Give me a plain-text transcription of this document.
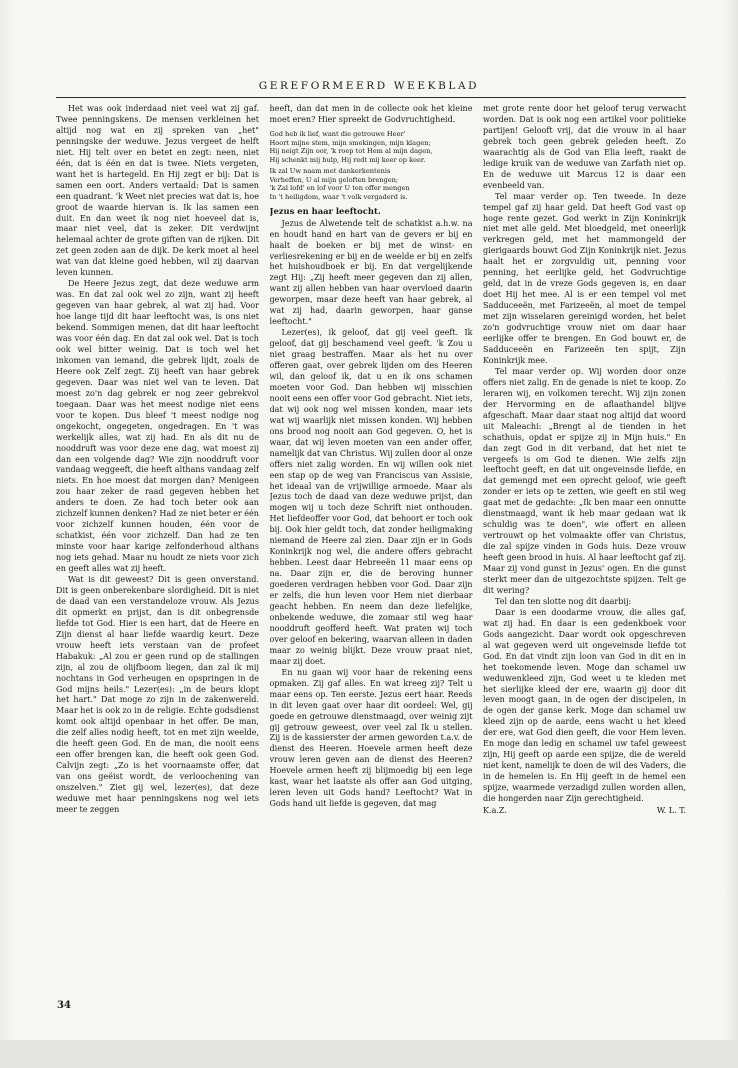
GEREFORMEERD WEEKBLAD

Het was ook inderdaad niet veel wat zij gaf. Twee penningskens. De mensen verkleinen het altijd nog wat en zij spreken van „het" penningske der weduwe. Jezus vergeet de helft niet. Hij telt over en betet en zegt: neen, niet één, dat is één en dat is twee. Niets vergeten, want het is hartegeld. En Hij zegt er bij: Dat is samen een oort. Anders vertaald: Dat is samen een quadrant. 'k Weet niet precies wat dat is, hoe groot de waarde hiervan is. Ik las samen een duit. En dan weet ik nog niet hoeveel dat is, maar niet veel, dat is zeker. Dit verdwijnt helemaal achter de grote giften van de rijken. Dit zet geen zoden aan de dijk. De kerk moet al heel wat van dat kleine goed hebben, wil zij daarvan leven kunnen.

De Heere Jezus zegt, dat deze weduwe arm was. En dat zal ook wel zo zijn, want zij heeft gegeven van haar gebrek, al wat zij had. Voor hoe lange tijd dit haar leeftocht was, is ons niet bekend. Sommigen menen, dat dit haar leeftocht was voor één dag. En dat zal ook wel. Dat is toch ook wel bitter weinig. Dat is toch wel het inkomen van iemand, die gebrek lijdt, zoals de Heere ook Zelf zegt. Zij heeft van haar gebrek gegeven. Daar was niet wel van te leven. Dat moest zo'n dag gebrek er nog zeer gebrekvol toegaan. Daar was het meest nodige niet eens voor te kopen. Dus bleef 't meest nodige nog ongekocht, ongegeten, ongedragen. En 't was werkelijk alles, wat zij had. En als dit nu de nooddruft was voor deze ene dag, wat moest zij dan een volgende dag? Wie zijn nooddruft voor vandaag weggeeft, die heeft althans vandaag zelf niets. En hoe moest dat morgen dan? Menigeen zou haar zeker de raad gegeven hebben het anders te doen. Ze had toch beter ook aan zichzelf kunnen denken? Had ze niet beter er één voor zichzelf kunnen houden, één voor de schatkist, één voor zichzelf. Dan had ze ten minste voor haar karige zelfonderhoud althans nog iets gehad. Maar nu houdt ze niets voor zich en geeft alles wat zij heeft.

Wat is dit geweest? Dit is geen onverstand. Dit is geen onberekenbare slordigheid. Dit is niet de daad van een verstandeloze vrouw. Als Jezus dit opmerkt en prijst, dan is dit onbegrensde liefde tot God. Hier is een hart, dat de Heere en Zijn dienst al haar liefde waardig keurt. Deze vrouw heeft iets verstaan van de profeet Habakuk: „Al zou er geen rund op de stallingen zijn, al zou de olijfboom liegen, dan zal ik mij nochtans in God verheugen en opspringen in de God mijns heils." Lezer(es): „in de beurs klopt het hart." Dat moge zo zijn in de zakenwereld. Maar het is ook zo in de religie. Echte godsdienst komt ook altijd openbaar in het offer. De man, die zelf alles nodig heeft, tot en met zijn weelde, die heeft geen God. En de man, die nooit eens een offer brengen kan, die heeft ook geen God. Calvijn zegt: „Zo is het voornaamste offer, dat van ons geëist wordt, de verloochening van onszelven." Ziet gij wel, lezer(es), dat deze weduwe met haar penningskens nog wel iets meer te zeggen

heeft, dan dat men in de collecte ook het kleine moet eren? Hier spreekt de Godvruchtigheid.

God heb ik lief, want die getrouwe Heer'
Hoort mijne stem, mijn smekingen, mijn klagen;
Hij neigt Zijn oor, 'k roep tot Hem al mijn dagen,
Hij schenkt mij hulp, Hij redt mij keer op keer.
Ik zal Uw naam met dankerkentenis
Verheffen, U al mijn geloften brengen;
'k Zal lofd' en lof voor U ten offer mengen
In 't heiligdom, waar 't volk vergaderd is.
Jezus en haar leeftocht.

Jezus de Alwetende telt de schatkist a.h.w. na en houdt hand en hart van de gevers er bij en haalt de boeken er bij met de winst- en verliesrekening er bij en de weelde er bij en zelfs het huishoudboek er bij. En dat vergelijkende zegt Hij: „Zij heeft meer gegeven dan zij allen, want zij allen hebben van haar overvloed daarin geworpen, maar deze heeft van haar gebrek, al wat zij had, daarin geworpen, haar ganse leeftocht."

Lezer(es), ik geloof, dat gij veel geeft. Ik geloof, dat gij beschamend veel geeft. 'k Zou u niet graag bestraffen. Maar als het nu over offeren gaat, over gebrek lijden om des Heeren wil, dan geloof ik, dat u en ik ons schamen moeten voor God. Dan hebben wij misschien nooit eens een offer voor God gebracht. Niet iets, dat wij ook nog wel missen konden, maar iets wat wij waarlijk niet missen konden. Wij hebben ons brood nog nooit aan God gegeven. O, het is waar, dat wij leven moeten van een ander offer, namelijk dat van Christus. Wij zullen door al onze offers niet zalig worden. En wij willen ook niet een stap op de weg van Franciscus van Assisie, het ideaal van de vrijwillige armoede. Maar als Jezus toch de daad van deze weduwe prijst, dan mogen wij u toch deze Schrift niet onthouden. Het liefdeoffer voor God, dat behoort er toch ook bij. Ook hier geldt toch, dat zonder heiligmaking niemand de Heere zal zien. Daar zijn er in Gods Koninkrijk nog wel, die andere offers gebracht hebben. Leest daar Hebreeën 11 maar eens op na. Daar zijn er, die de beroving hunner goederen verdragen hebben voor God. Daar zijn er zelfs, die hun leven voor Hem niet dierbaar geacht hebben. En neem dan deze liefelijke, onbekende weduwe, die zomaar stil weg haar nooddruft geofferd heeft. Wat praten wij toch over geloof en bekering, waarvan alleen in daden maar zo weinig blijkt. Deze vrouw praat niet, maar zij doet.

En nu gaan wij voor haar de rekening eens opmaken. Zij gaf alles. En wat kreeg zij? Telt u maar eens op. Ten eerste. Jezus eert haar. Reeds in dit leven gaat over haar dit oordeel: Wel, gij goede en getrouwe dienstmaagd, over weinig zijt gij getrouw geweest, over veel zal Ik u stellen. Zij is de kassierster der armen geworden t.a.v. de dienst des Heeren. Hoevele armen heeft deze vrouw leren geven aan de dienst des Heeren? Hoevele armen heeft zij blijmoedig bij een lege kast, waar het laatste als offer aan God uitging, leren leven uit Gods hand? Leeftocht? Wat in Gods hand uit liefde is gegeven, dat mag

met grote rente door het geloof terug verwacht worden. Dat is ook nog een artikel voor politieke partijen! Gelooft vrij, dat die vrouw in al haar gebrek toch geen gebrek geleden heeft. Zo waarachtig als de God van Elia leeft, raakt de ledige kruik van de weduwe van Zarfath niet op. En de weduwe uit Marcus 12 is daar een evenbeeld van.

Tel maar verder op. Ten tweede. In deze tempel gaf zij haar geld. Dat heeft God vast op hoge rente gezet. God werkt in Zijn Koninkrijk niet met alle geld. Met bloedgeld, met oneerlijk verkregen geld, met het mammongeld der gierigaards bouwt God Zijn Koninkrijk niet. Jezus haalt het er zorgvuldig uit, penning voor penning, het eerlijke geld, het Godvruchtige geld, dat in de vreze Gods gegeven is, en daar doet Hij het mee. Al is er een tempel vol met Sadduceeën, met Farizeeën, al moet de tempel met zijn wisselaren gereinigd worden, het belet zo'n godvruchtige vrouw niet om daar haar eerlijke offer te brengen. En God bouwt er, de Sadduceeën en Farizeeën ten spijt, Zijn Koninkrijk mee.

Tel maar verder op. Wij worden door onze offers niet zalig. En de genade is niet te koop. Zo leraren wij, en volkomen terecht. Wij zijn zonen der Hervorming en de aflaathandel blijve afgeschaft. Maar daar staat nog altijd dat woord uit Maleachi: „Brengt al de tienden in het schathuis, opdat er spijze zij in Mijn huis." En dan zegt God in dit verband, dat het niet te vergeefs is om God te dienen. Wie zelfs zijn leeftocht geeft, en dat uit ongeveinsde liefde, en dat gemengd met een oprecht geloof, wie geeft zonder er iets op te zetten, wie geeft en stil weg gaat met de gedachte: „Ik ben maar een onnutte dienstmaagd, want ik heb maar gedaan wat ik schuldig was te doen", wie offert en alleen vertrouwt op het volmaakte offer van Christus, die zal spijze vinden in Gods huis. Deze vrouw heeft geen brood in huis. Al haar leeftocht gaf zij. Maar zij vond gunst in Jezus' ogen. En die gunst sterkt meer dan de uitgezochtste spijzen. Telt ge dit wering?

Tel dan ten slotte nog dit daarbij:

Daar is een doodarme vrouw, die alles gaf, wat zij had. En daar is een gedenkboek voor Gods aangezicht. Daar wordt ook opgeschreven al wat gegeven werd uit ongeveinsde liefde tot God. En dat vindt zijn loon van God in dit en in het toekomende leven. Moge dan schamel uw weduwenkleed zijn, God weet u te kleden met het sierlijke kleed der ere, waarin gij door dit leven moogt gaan, in de ogen der discipelen, in de ogen der ganse kerk. Moge dan schamel uw kleed zijn op de aarde, eens wacht u het kleed der ere, wat God dien geeft, die voor Hem leven. En moge dan ledig en schamel uw tafel geweest zijn, Hij geeft op aarde een spijze, die de wereld niet kent, namelijk te doen de wil des Vaders, die in de hemelen is. En Hij geeft in de hemel een spijze, waarmede verzadigd zullen worden allen, die hongerden naar Zijn gerechtigheid.

K.a.Z.	W. L. T.
34
